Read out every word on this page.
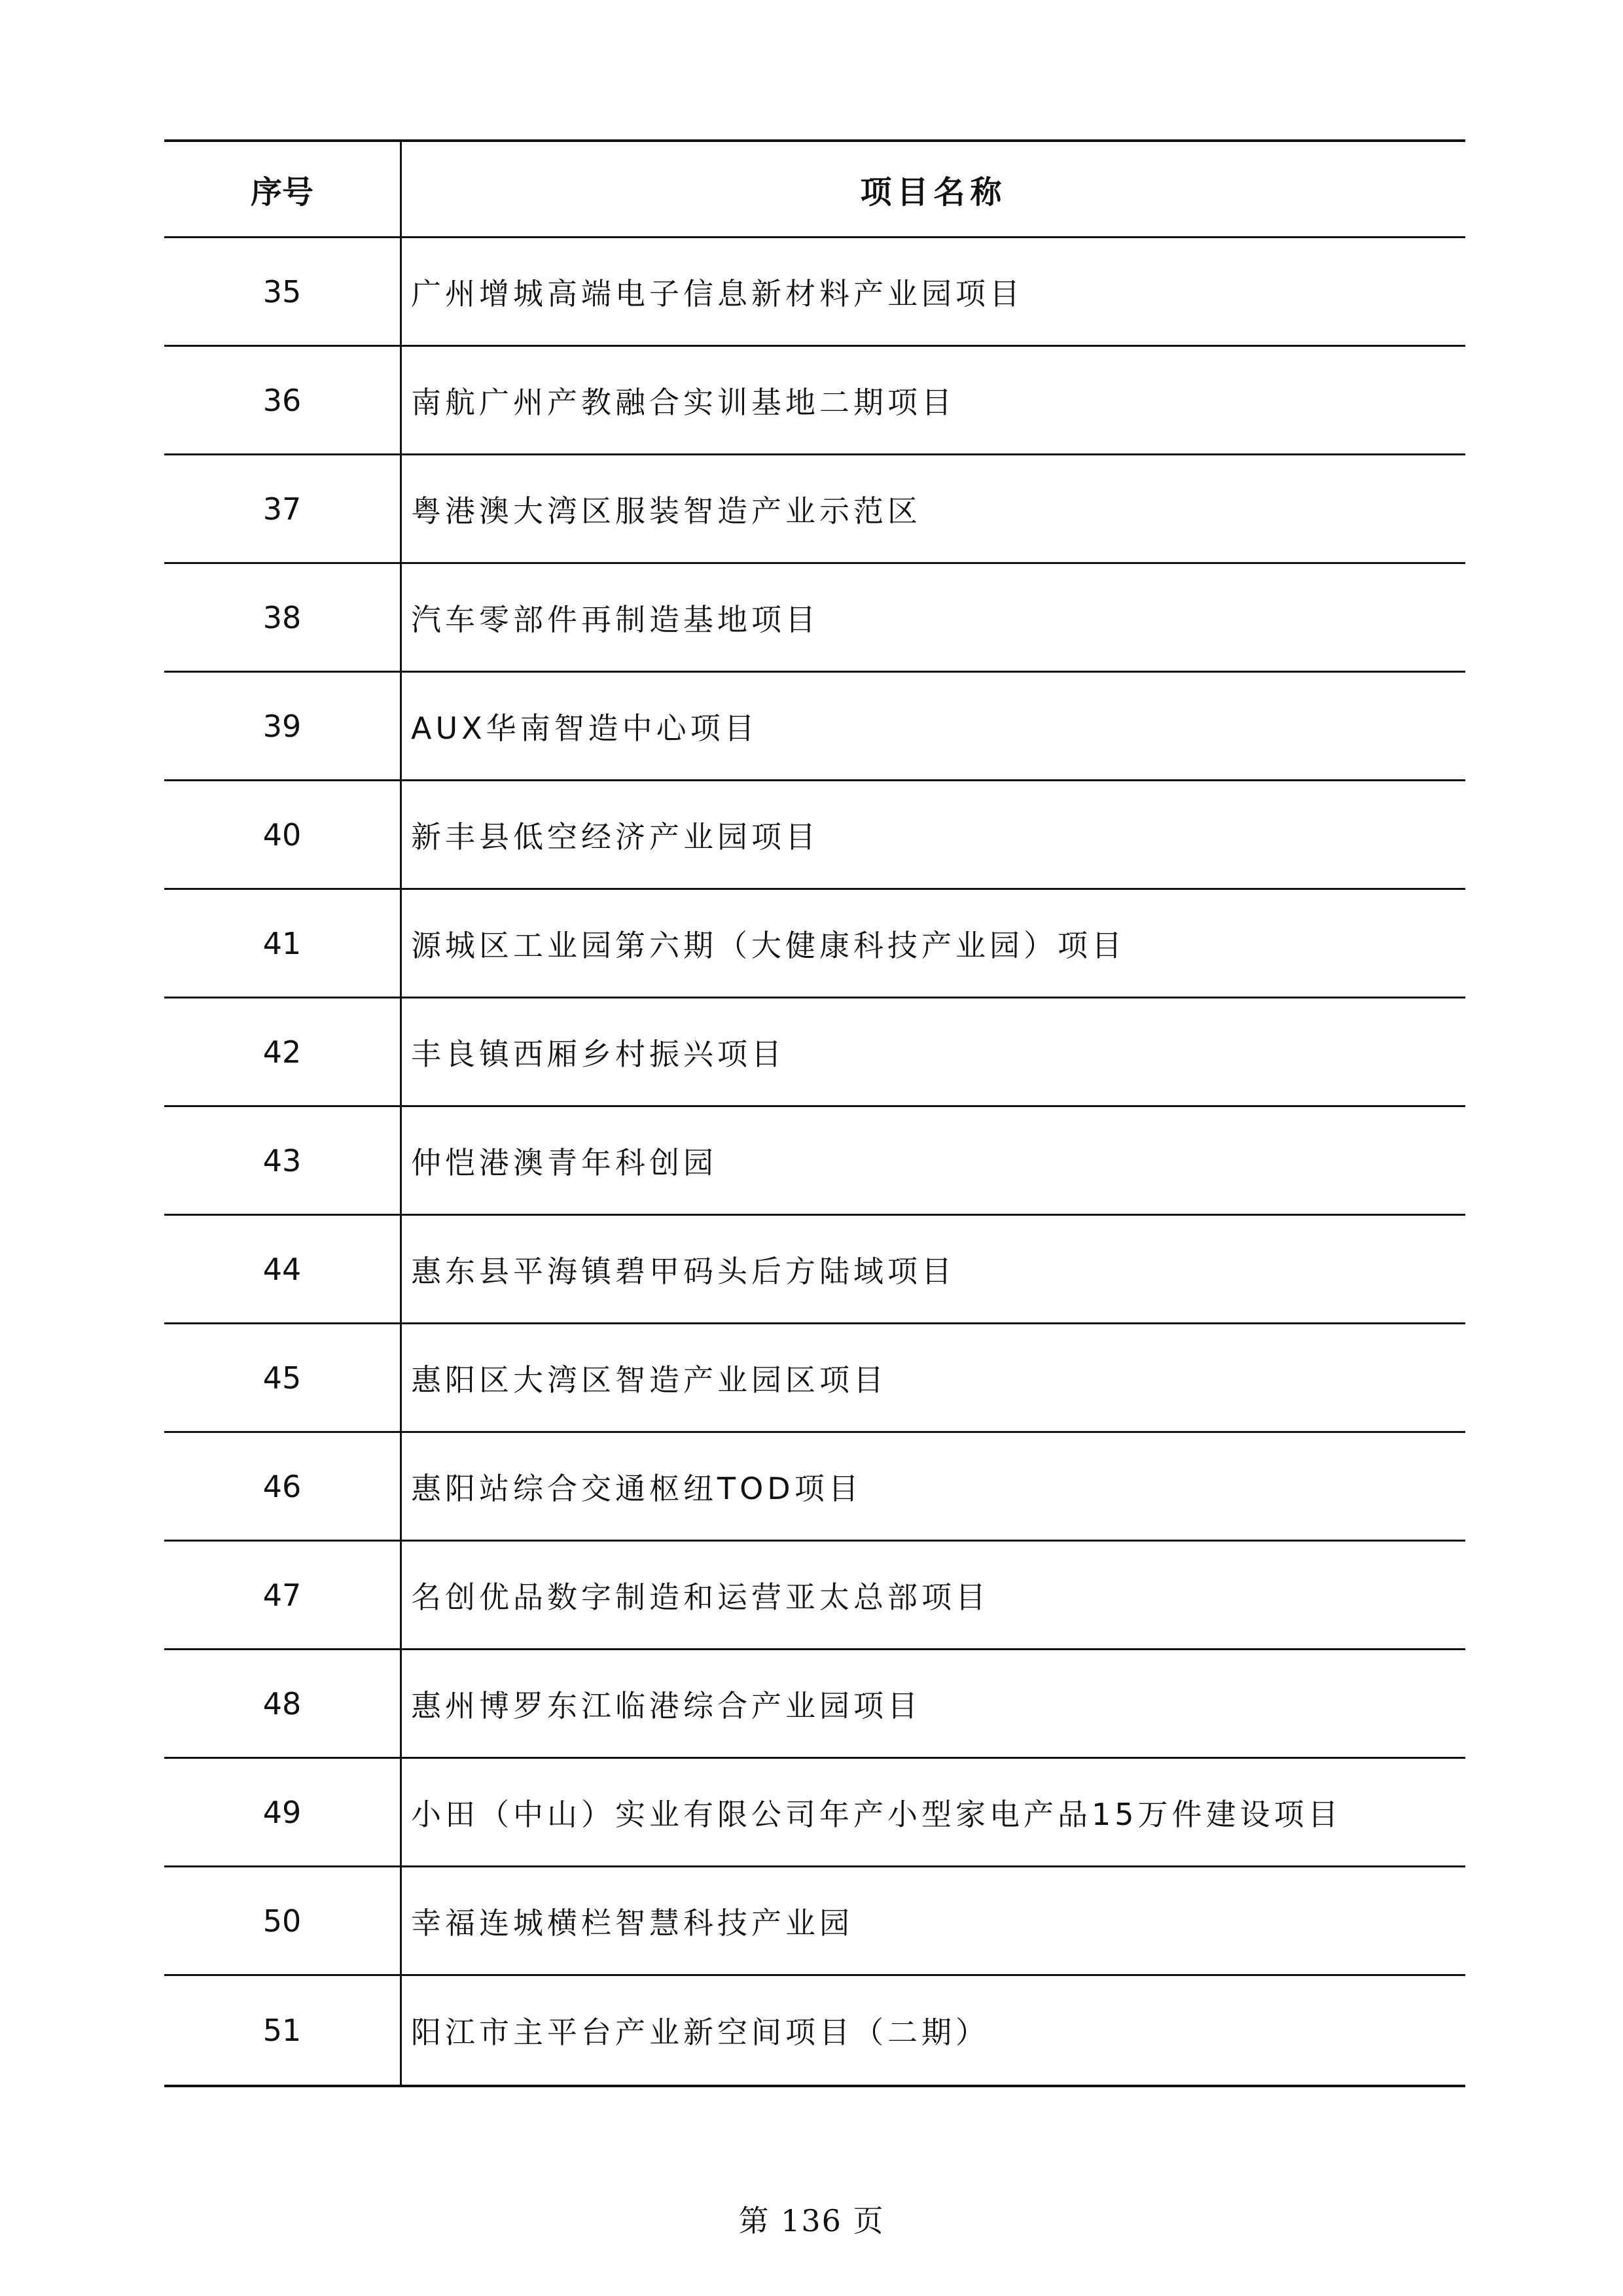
序号	项目名称
35	广州增城高端电子信息新材料产业园项目
36	南航广州产教融合实训基地二期项目
37	粤港澳大湾区服装智造产业示范区
38	汽车零部件再制造基地项目
39	AUX华南智造中心项目
40	新丰县低空经济产业园项目
41	源城区工业园第六期（大健康科技产业园）项目
42	丰良镇西厢乡村振兴项目
43	仲恺港澳青年科创园
44	惠东县平海镇碧甲码头后方陆域项目
45	惠阳区大湾区智造产业园区项目
46	惠阳站综合交通枢纽TOD项目
47	名创优品数字制造和运营亚太总部项目
48	惠州博罗东江临港综合产业园项目
49	小田（中山）实业有限公司年产小型家电产品15万件建设项目
50	幸福连城横栏智慧科技产业园
51	阳江市主平台产业新空间项目（二期）
第 136 页
